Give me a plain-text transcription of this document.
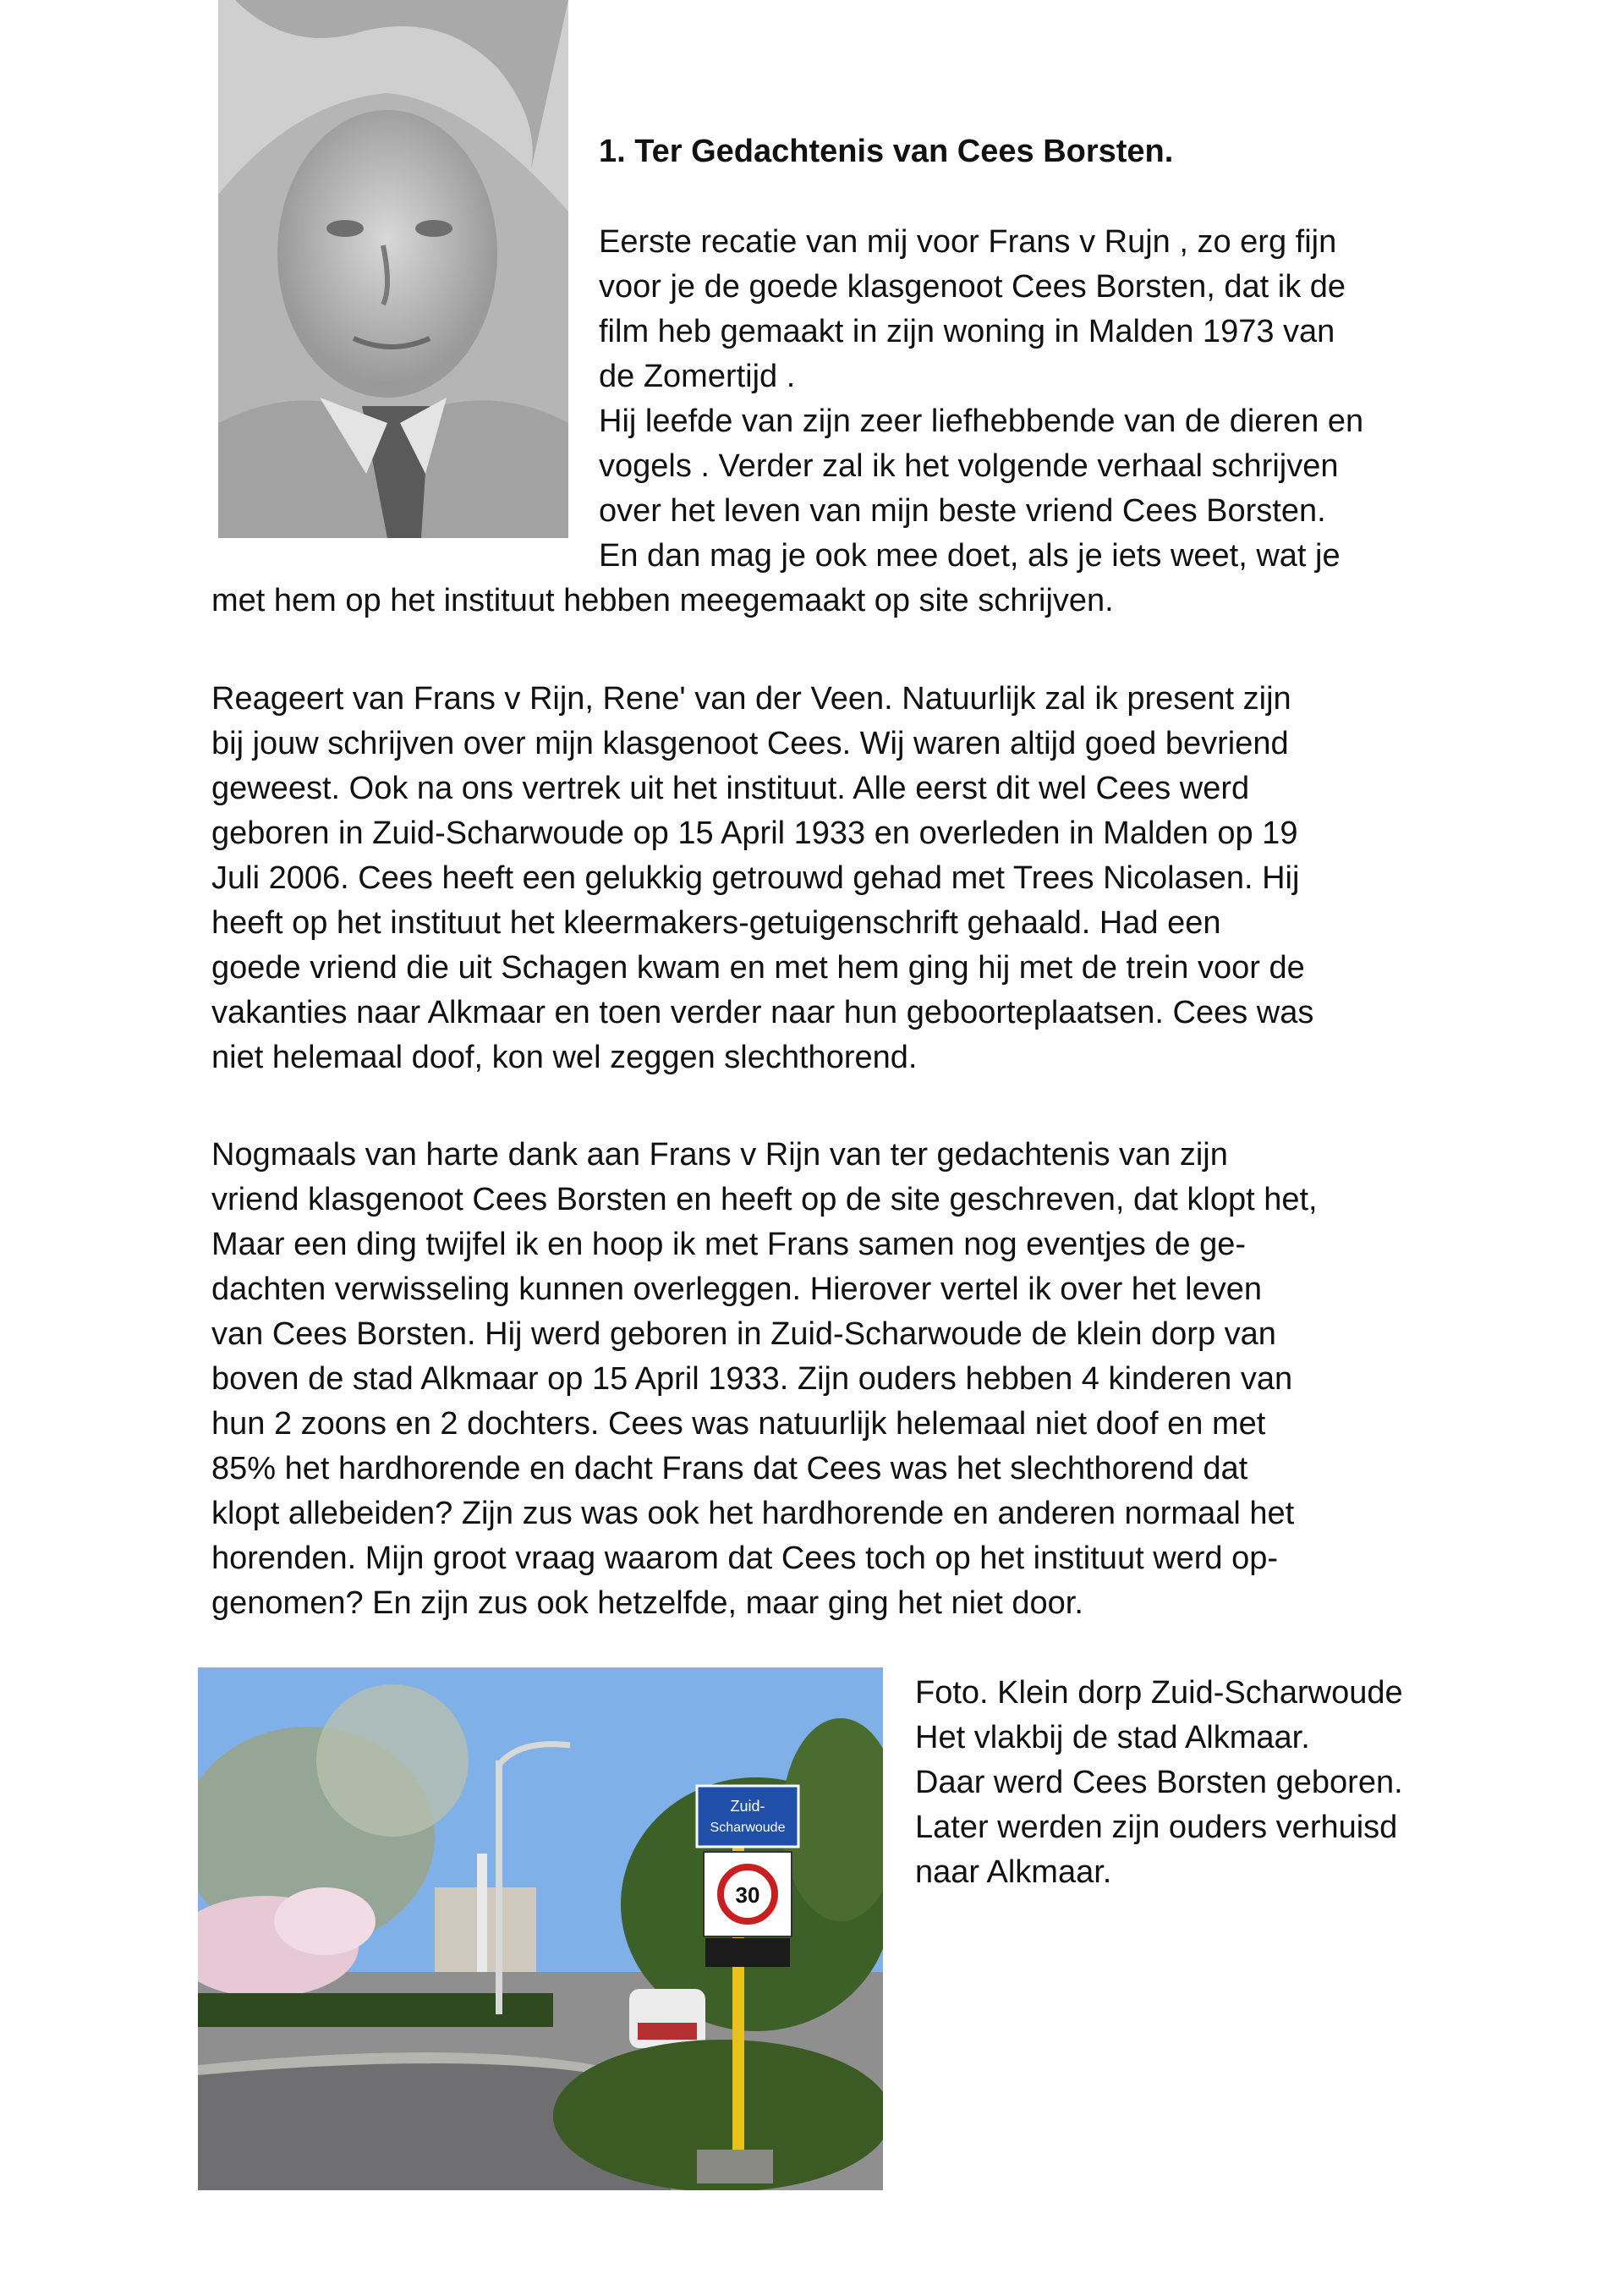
1. Ter Gedachtenis van Cees Borsten.
Eerste recatie van mij voor Frans v Rujn , zo erg fijn
voor je de goede klasgenoot Cees Borsten, dat ik de
film heb gemaakt in zijn woning in Malden 1973 van
de Zomertijd .
Hij leefde van zijn zeer liefhebbende van de dieren en
vogels . Verder zal ik het volgende verhaal schrijven
over het leven van mijn beste vriend Cees Borsten.
En dan mag je ook mee doet, als je iets weet, wat je
met hem op het instituut hebben meegemaakt op site schrijven.
Reageert van Frans v Rijn, Rene' van der Veen. Natuurlijk zal ik present zijn
bij jouw schrijven over mijn klasgenoot Cees. Wij waren altijd goed bevriend
geweest. Ook na ons vertrek uit het instituut. Alle eerst dit wel Cees werd
geboren in Zuid-Scharwoude op 15 April 1933 en overleden in Malden op 19
Juli 2006. Cees heeft een gelukkig getrouwd gehad met Trees Nicolasen. Hij
heeft op het instituut het kleermakers-getuigenschrift gehaald. Had een
goede vriend die uit Schagen kwam en met hem ging hij met de trein voor de
vakanties naar Alkmaar en toen verder naar hun geboorteplaatsen. Cees was
niet helemaal doof, kon wel zeggen slechthorend.
Nogmaals van harte dank aan Frans v Rijn van ter gedachtenis van zijn
vriend klasgenoot Cees Borsten en heeft op de site geschreven, dat klopt het,
Maar een ding twijfel ik en hoop ik met Frans samen nog eventjes de ge-
dachten verwisseling kunnen overleggen. Hierover vertel ik over het leven
van Cees Borsten. Hij werd geboren in Zuid-Scharwoude de klein dorp van
boven de stad Alkmaar op 15 April 1933. Zijn ouders hebben 4 kinderen van
hun 2 zoons en 2 dochters. Cees was natuurlijk helemaal niet doof en met
85% het hardhorende en dacht Frans dat Cees was het slechthorend dat
klopt allebeiden? Zijn zus was ook het hardhorende en anderen normaal het
horenden. Mijn groot vraag waarom dat Cees toch op het instituut werd op-
genomen? En zijn zus ook hetzelfde, maar ging het niet door.
Zuid-
Scharwoude
30
Foto. Klein dorp Zuid-Scharwoude
Het vlakbij de stad Alkmaar.
Daar werd Cees Borsten geboren.
Later werden zijn ouders verhuisd
naar Alkmaar.
